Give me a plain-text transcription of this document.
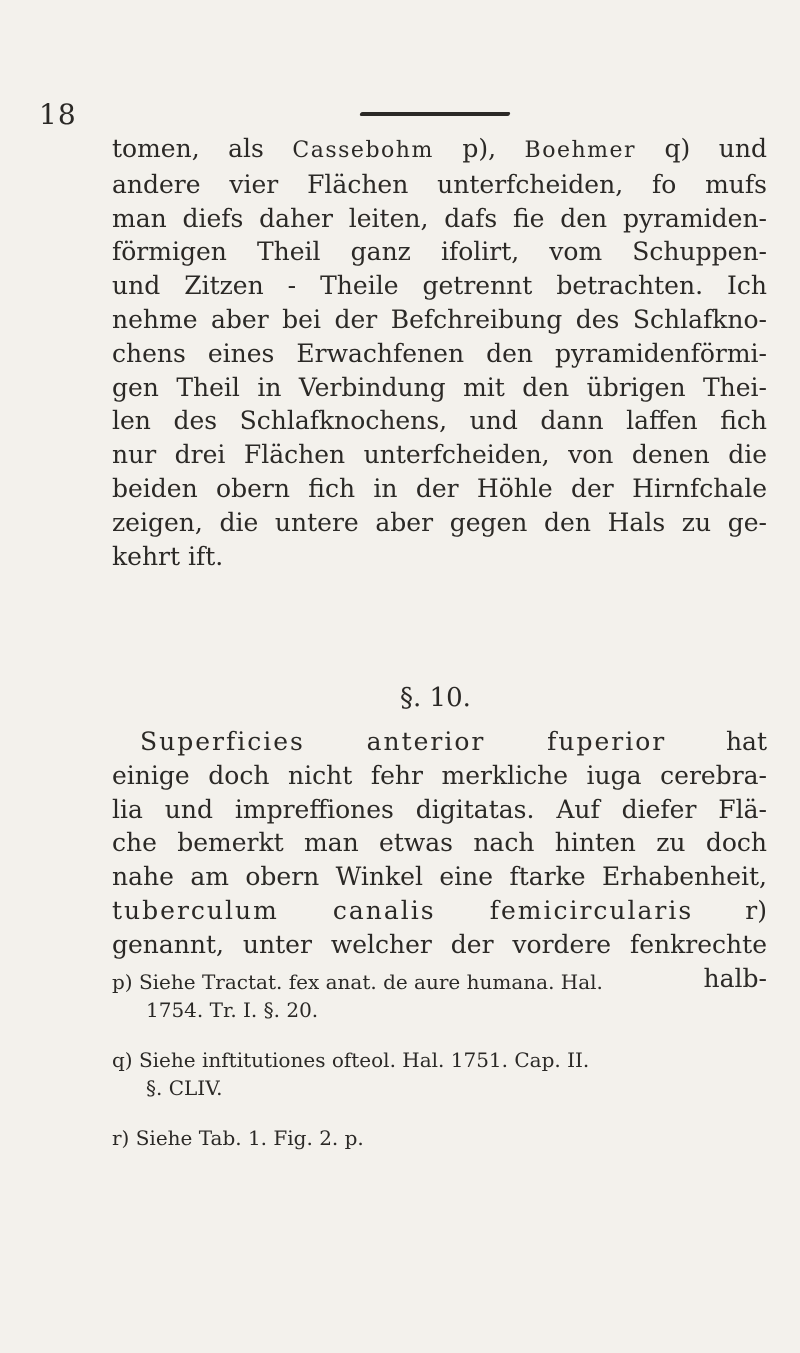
18
tomen, als Cassebohm p), Boehmer q) und
andere vier Flächen unterfcheiden, fo mufs
man diefs daher leiten, dafs fie den pyramiden-
förmigen Theil ganz ifolirt, vom Schuppen-
und Zitzen - Theile getrennt betrachten. Ich
nehme aber bei der Befchreibung des Schlafkno-
chens eines Erwachfenen den pyramidenförmi-
gen Theil in Verbindung mit den übrigen Thei-
len des Schlafknochens, und dann laffen fich
nur drei Flächen unterfcheiden, von denen die
beiden obern fich in der Höhle der Hirnfchale
zeigen, die untere aber gegen den Hals zu ge-
kehrt ift.
§. 10.
Superficies anterior fuperior hat
einige doch nicht fehr merkliche iuga cerebra-
lia und impreffiones digitatas. Auf diefer Flä-
che bemerkt man etwas nach hinten zu doch
nahe am obern Winkel eine ftarke Erhabenheit,
tuberculum canalis femicircularis r)
genannt, unter welcher der vordere fenkrechte
halb-
p) Siehe Tractat. fex anat. de aure humana. Hal.
1754. Tr. I. §. 20.
q) Siehe inftitutiones ofteol. Hal. 1751. Cap. II.
§. CLIV.
r) Siehe Tab. 1. Fig. 2. p.
